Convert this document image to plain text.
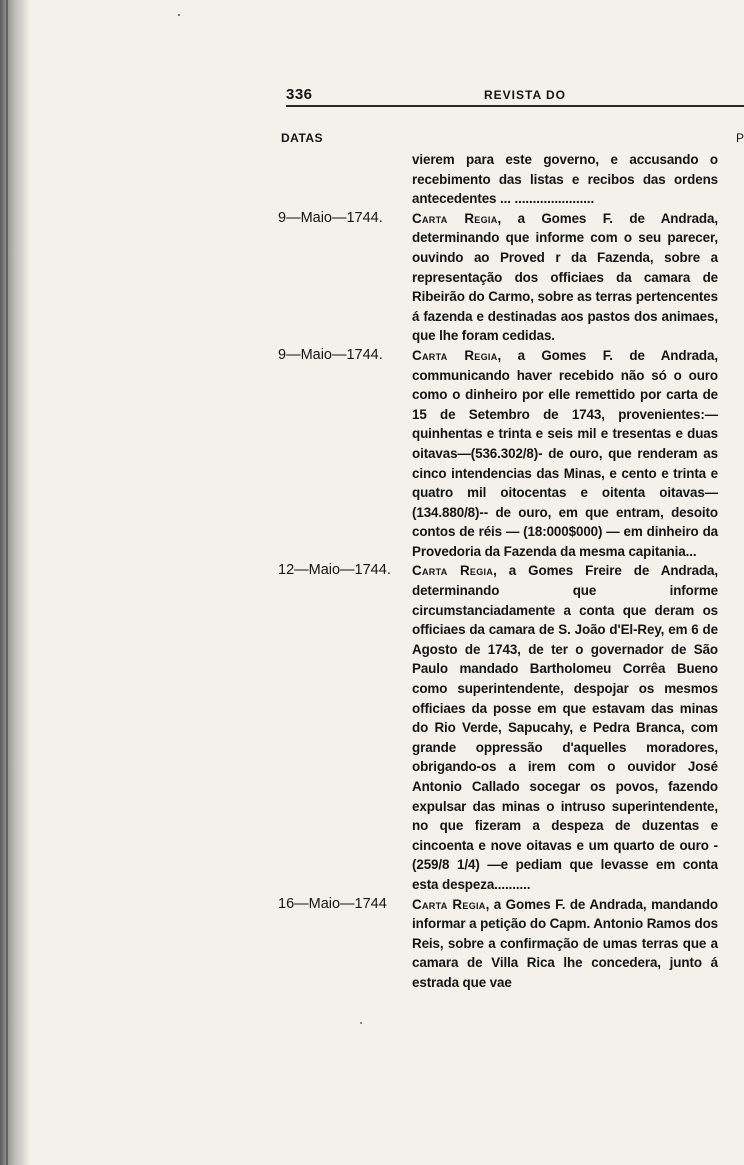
336	REVISTA DO
DATAS	P
vierem para este governo, e accusando o recebimento das listas e recibos das ordens antecedentes ... ......................
9—Maio—1744.	Carta Regia, a Gomes F. de Andrada, determinando que informe com o seu parecer, ouvindo ao Proved r da Fazenda, sobre a representação dos officiaes da camara de Ribeirão do Carmo, sobre as terras pertencentes á fazenda e destinadas aos pastos dos animaes, que lhe foram cedidas.
9—Maio—1744.	Carta Regia, a Gomes F. de Andrada, communicando haver recebido não só o ouro como o dinheiro por elle remettido por carta de 15 de Setembro de 1743, provenientes:—quinhentas e trinta e seis mil e tresentas e duas oitavas—(536.302/8)- de ouro, que renderam as cinco intendencias das Minas, e cento e trinta e quatro mil oitocentas e oitenta oitavas—(134.880/8)-- de ouro, em que entram, desoito contos de réis — (18:000$000) — em dinheiro da Provedoria da Fazenda da mesma capitania...
12—Maio—1744.	Carta Regia, a Gomes Freire de Andrada, determinando que informe circumstanciadamente a conta que deram os officiaes da camara de S. João d'El-Rey, em 6 de Agosto de 1743, de ter o governador de São Paulo mandado Bartholomeu Corrêa Bueno como superintendente, despojar os mesmos officiaes da posse em que estavam das minas do Rio Verde, Sapucahy, e Pedra Branca, com grande oppressão d'aquelles moradores, obrigando-os a irem com o ouvidor José Antonio Callado socegar os povos, fazendo expulsar das minas o intruso superintendente, no que fizeram a despeza de duzentas e cincoenta e nove oitavas e um quarto de ouro - (259/8 1/4) —e pediam que levasse em conta esta despeza..........
16—Maio—1744	Carta Regia, a Gomes F. de Andrada, mandando informar a petição do Capm. Antonio Ramos dos Reis, sobre a confirmação de umas terras que a camara de Villa Rica lhe concedera, junto á estrada que vae
